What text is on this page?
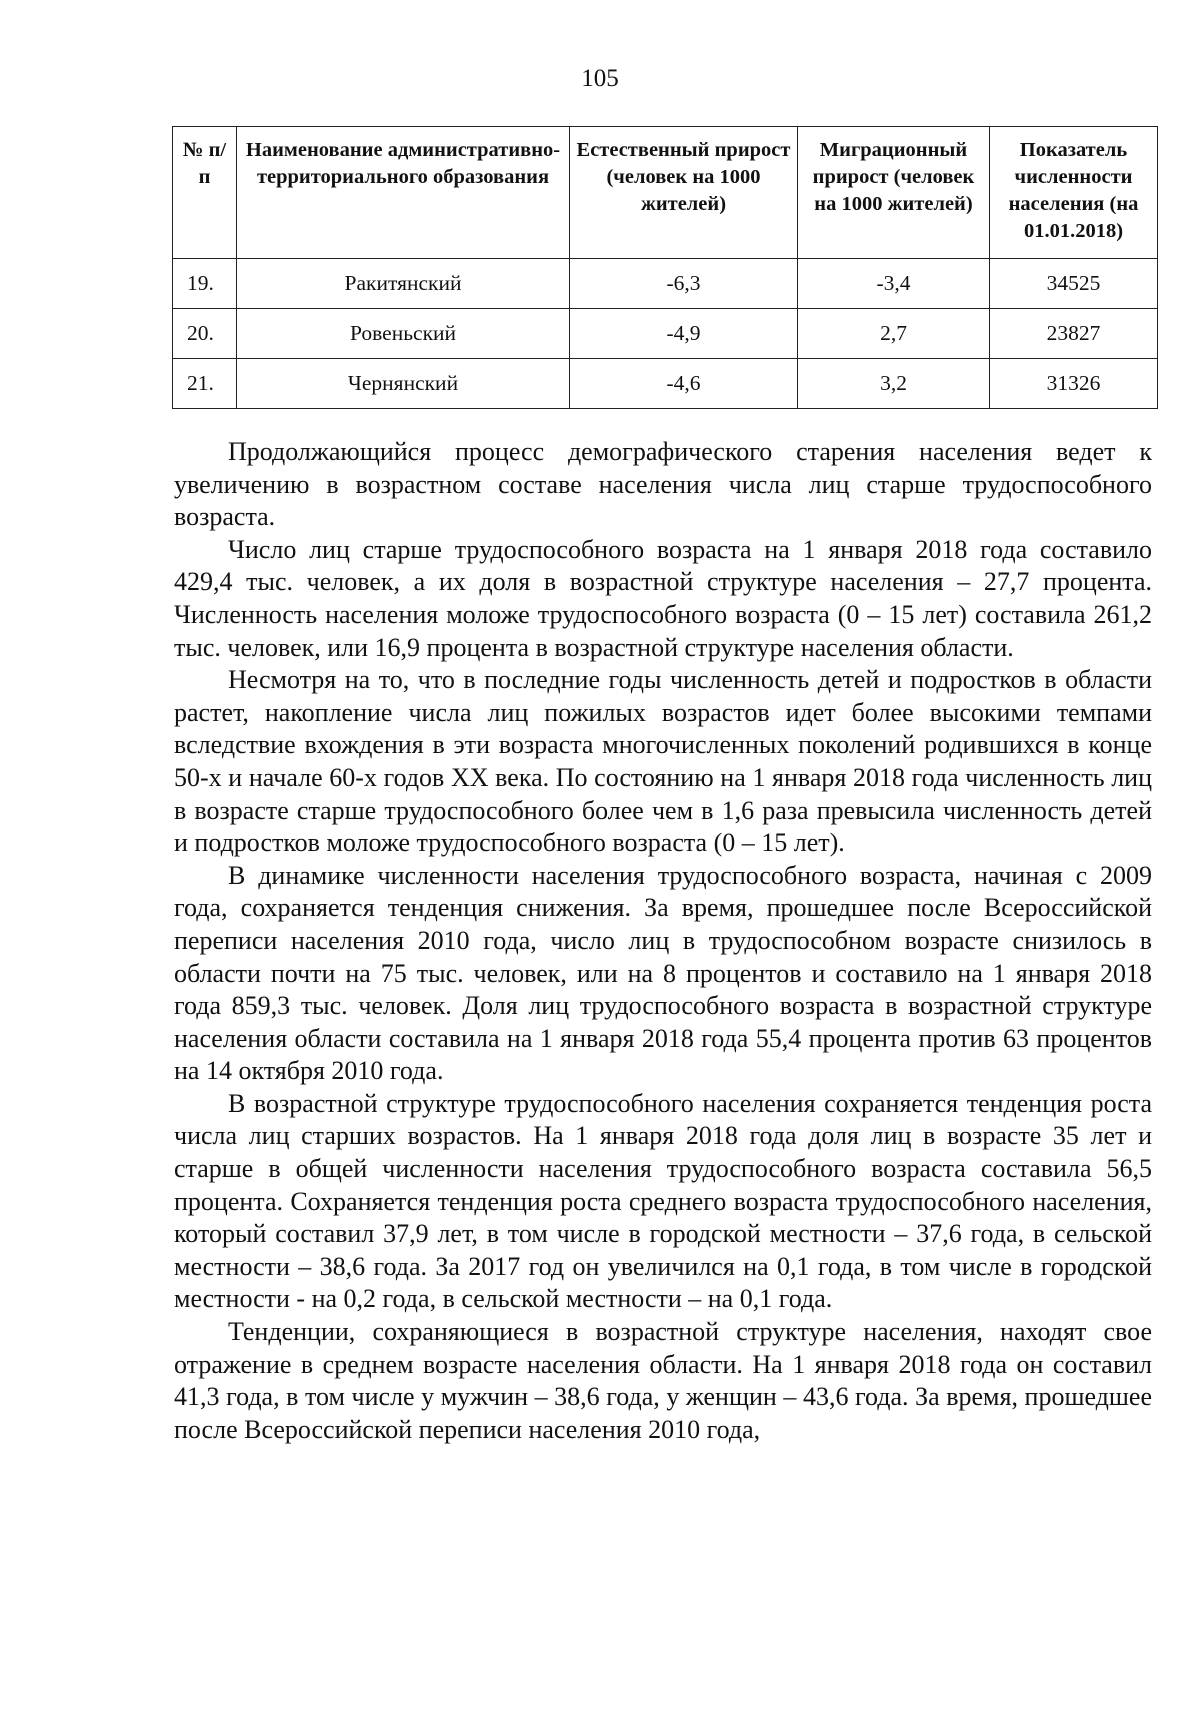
105
№ п/п	Наименование административно-территориального образования	Естественный прирост (человек на 1000 жителей)	Миграционный прирост (человек на 1000 жителей)	Показатель численности населения (на 01.01.2018)
19.	Ракитянский	-6,3	-3,4	34525
20.	Ровеньский	-4,9	2,7	23827
21.	Чернянский	-4,6	3,2	31326

Продолжающийся процесс демографического старения населения ведет к увеличению в возрастном составе населения числа лиц старше трудоспособного возраста.

Число лиц старше трудоспособного возраста на 1 января 2018 года составило 429,4 тыс. человек, а их доля в возрастной структуре населения – 27,7 процента. Численность населения моложе трудоспособного возраста (0 – 15 лет) составила 261,2 тыс. человек, или 16,9 процента в возрастной структуре населения области.

Несмотря на то, что в последние годы численность детей и подростков в области растет, накопление числа лиц пожилых возрастов идет более высокими темпами вследствие вхождения в эти возраста многочисленных поколений родившихся в конце 50-х и начале 60-х годов XX века. По состоянию на 1 января 2018 года численность лиц в возрасте старше трудоспособного более чем в 1,6 раза превысила численность детей и подростков моложе трудоспособного возраста (0 – 15 лет).

В динамике численности населения трудоспособного возраста, начиная с 2009 года, сохраняется тенденция снижения. За время, прошедшее после Всероссийской переписи населения 2010 года, число лиц в трудоспособном возрасте снизилось в области почти на 75 тыс. человек, или на 8 процентов и составило на 1 января 2018 года 859,3 тыс. человек. Доля лиц трудоспособного возраста в возрастной структуре населения области составила на 1 января 2018 года 55,4 процента против 63 процентов на 14 октября 2010 года.

В возрастной структуре трудоспособного населения сохраняется тенденция роста числа лиц старших возрастов. На 1 января 2018 года доля лиц в возрасте 35 лет и старше в общей численности населения трудоспособного возраста составила 56,5 процента. Сохраняется тенденция роста среднего возраста трудоспособного населения, который составил 37,9 лет, в том числе в городской местности – 37,6 года, в сельской местности – 38,6 года. За 2017 год он увеличился на 0,1 года, в том числе в городской местности - на 0,2 года, в сельской местности – на 0,1 года.

Тенденции, сохраняющиеся в возрастной структуре населения, находят свое отражение в среднем возрасте населения области. На 1 января 2018 года он составил 41,3 года, в том числе у мужчин – 38,6 года, у женщин – 43,6 года. За время, прошедшее после Всероссийской переписи населения 2010 года,
